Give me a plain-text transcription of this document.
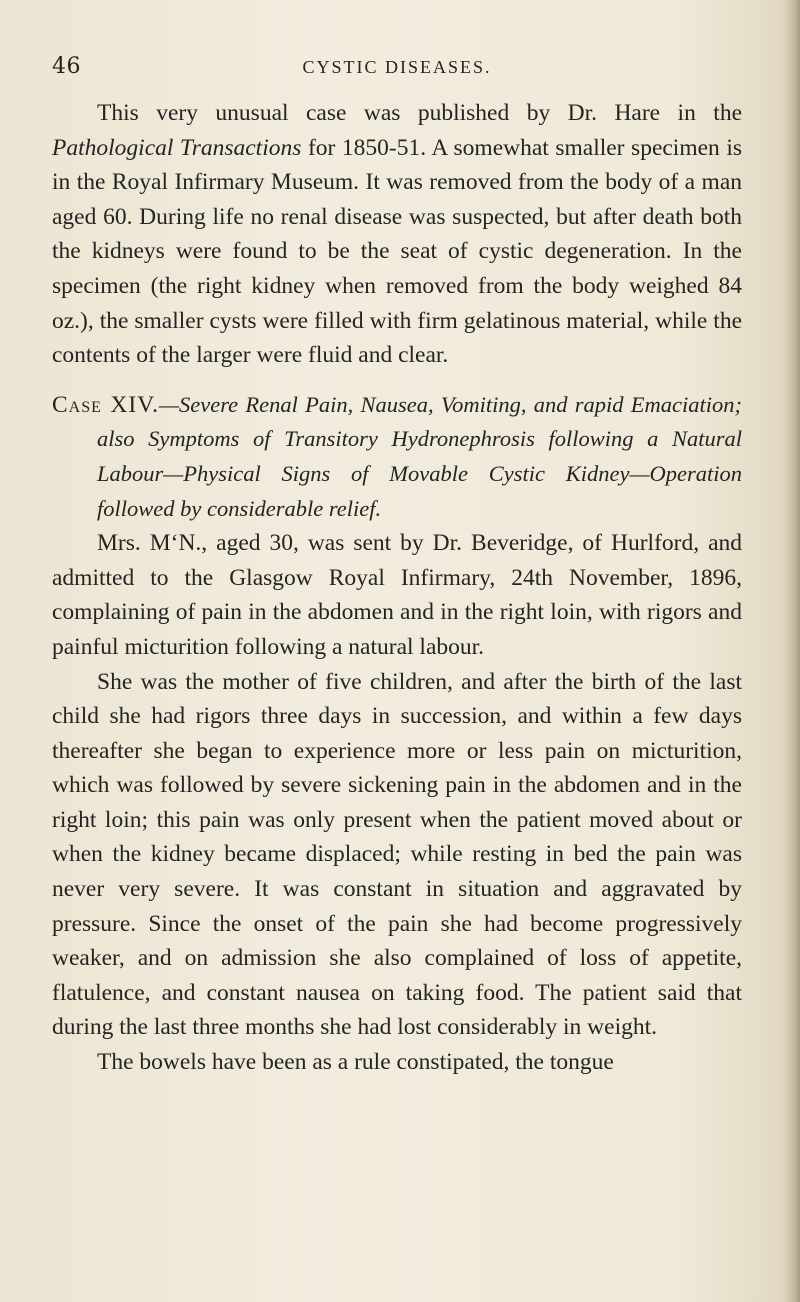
46	CYSTIC DISEASES.

This very unusual case was published by Dr. Hare in the Pathological Transactions for 1850-51. A somewhat smaller specimen is in the Royal Infirmary Museum. It was removed from the body of a man aged 60. During life no renal disease was suspected, but after death both the kidneys were found to be the seat of cystic degeneration. In the specimen (the right kidney when removed from the body weighed 84 oz.), the smaller cysts were filled with firm gelatinous material, while the contents of the larger were fluid and clear.

Case XIV.—Severe Renal Pain, Nausea, Vomiting, and rapid Emaciation; also Symptoms of Transitory Hydronephrosis following a Natural Labour—Physical Signs of Movable Cystic Kidney—Operation followed by considerable relief.

Mrs. M‘N., aged 30, was sent by Dr. Beveridge, of Hurlford, and admitted to the Glasgow Royal Infirmary, 24th November, 1896, complaining of pain in the abdomen and in the right loin, with rigors and painful micturition following a natural labour.

She was the mother of five children, and after the birth of the last child she had rigors three days in succession, and within a few days thereafter she began to experience more or less pain on micturition, which was followed by severe sickening pain in the abdomen and in the right loin; this pain was only present when the patient moved about or when the kidney became displaced; while resting in bed the pain was never very severe. It was constant in situation and aggravated by pressure. Since the onset of the pain she had become progressively weaker, and on admission she also complained of loss of appetite, flatulence, and constant nausea on taking food. The patient said that during the last three months she had lost considerably in weight.

The bowels have been as a rule constipated, the tongue
